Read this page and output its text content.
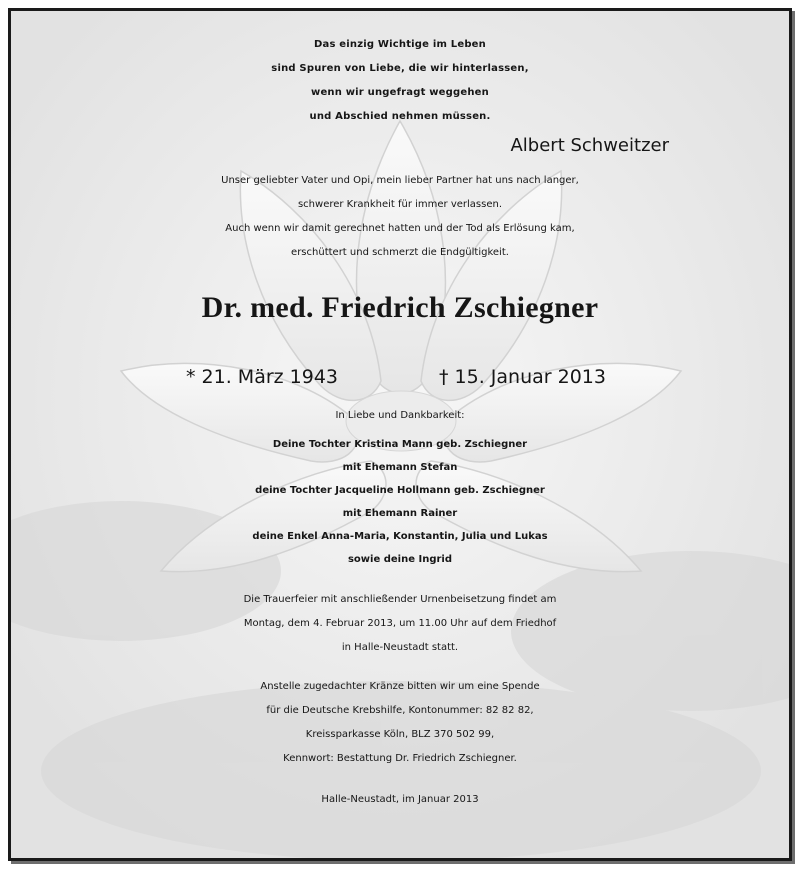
Das einzig Wichtige im Leben
sind Spuren von Liebe, die wir hinterlassen,
wenn wir ungefragt weggehen
und Abschied nehmen müssen.
Albert Schweitzer
Unser geliebter Vater und Opi, mein lieber Partner hat uns nach langer,
schwerer Krankheit für immer verlassen.
Auch wenn wir damit gerechnet hatten und der Tod als Erlösung kam,
erschüttert und schmerzt die Endgültigkeit.
Dr. med. Friedrich Zschiegner
* 21. März 1943	† 15. Januar 2013
In Liebe und Dankbarkeit:
Deine Tochter Kristina Mann geb. Zschiegner
mit Ehemann Stefan
deine Tochter Jacqueline Hollmann geb. Zschiegner
mit Ehemann Rainer
deine Enkel Anna-Maria, Konstantin, Julia und Lukas
sowie deine Ingrid
Die Trauerfeier mit anschließender Urnenbeisetzung findet am
Montag, dem 4. Februar 2013, um 11.00 Uhr auf dem Friedhof
in Halle-Neustadt statt.
Anstelle zugedachter Kränze bitten wir um eine Spende
für die Deutsche Krebshilfe, Kontonummer: 82 82 82,
Kreissparkasse Köln, BLZ 370 502 99,
Kennwort: Bestattung Dr. Friedrich Zschiegner.
Halle-Neustadt, im Januar 2013
